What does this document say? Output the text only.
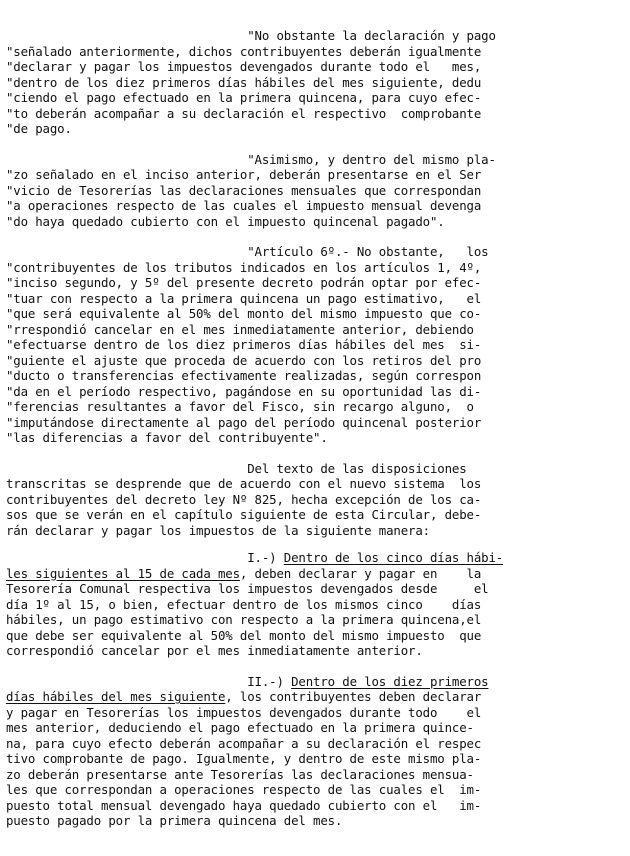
"No obstante la declaración y pago
"señalado anteriormente, dichos contribuyentes deberán igualmente
"declarar y pagar los impuestos devengados durante todo el   mes,
"dentro de los diez primeros días hábiles del mes siguiente, dedu
"ciendo el pago efectuado en la primera quincena, para cuyo efec-
"to deberán acompañar a su declaración el respectivo  comprobante
"de pago.
"Asimismo, y dentro del mismo pla-
"zo señalado en el inciso anterior, deberán presentarse en el Ser
"vicio de Tesorerías las declaraciones mensuales que correspondan
"a operaciones respecto de las cuales el impuesto mensual devenga
"do haya quedado cubierto con el impuesto quincenal pagado".
"Artículo 6º.- No obstante,   los
"contribuyentes de los tributos indicados en los artículos 1, 4º,
"inciso segundo, y 5º del presente decreto podrán optar por efec-
"tuar con respecto a la primera quincena un pago estimativo,   el
"que será equivalente al 50% del monto del mismo impuesto que co-
"rrespondió cancelar en el mes inmediatamente anterior, debiendo
"efectuarse dentro de los diez primeros días hábiles del mes  si-
"guiente el ajuste que proceda de acuerdo con los retiros del pro
"ducto o transferencias efectivamente realizadas, según correspon
"da en el período respectivo, pagándose en su oportunidad las di-
"ferencias resultantes a favor del Fisco, sin recargo alguno,  o
"imputándose directamente al pago del período quincenal posterior
"las diferencias a favor del contribuyente".
Del texto de las disposiciones
transcritas se desprende que de acuerdo con el nuevo sistema  los
contribuyentes del decreto ley Nº 825, hecha excepción de los ca-
sos que se verán en el capítulo siguiente de esta Circular, debe-
rán declarar y pagar los impuestos de la siguiente manera:
I.-) Dentro de los cinco días hábi-
les siguientes al 15 de cada mes, deben declarar y pagar en    la
Tesorería Comunal respectiva los impuestos devengados desde     el
día 1º al 15, o bien, efectuar dentro de los mismos cinco    días
hábiles, un pago estimativo con respecto a la primera quincena,el
que debe ser equivalente al 50% del monto del mismo impuesto  que
correspondió cancelar por el mes inmediatamente anterior.
II.-) Dentro de los diez primeros
días hábiles del mes siguiente, los contribuyentes deben declarar
y pagar en Tesorerías los impuestos devengados durante todo    el
mes anterior, deduciendo el pago efectuado en la primera quince-
na, para cuyo efecto deberán acompañar a su declaración el respec
tivo comprobante de pago. Igualmente, y dentro de este mismo pla-
zo deberán presentarse ante Tesorerías las declaraciones mensua-
les que correspondan a operaciones respecto de las cuales el  im-
puesto total mensual devengado haya quedado cubierto con el   im-
puesto pagado por la primera quincena del mes.
